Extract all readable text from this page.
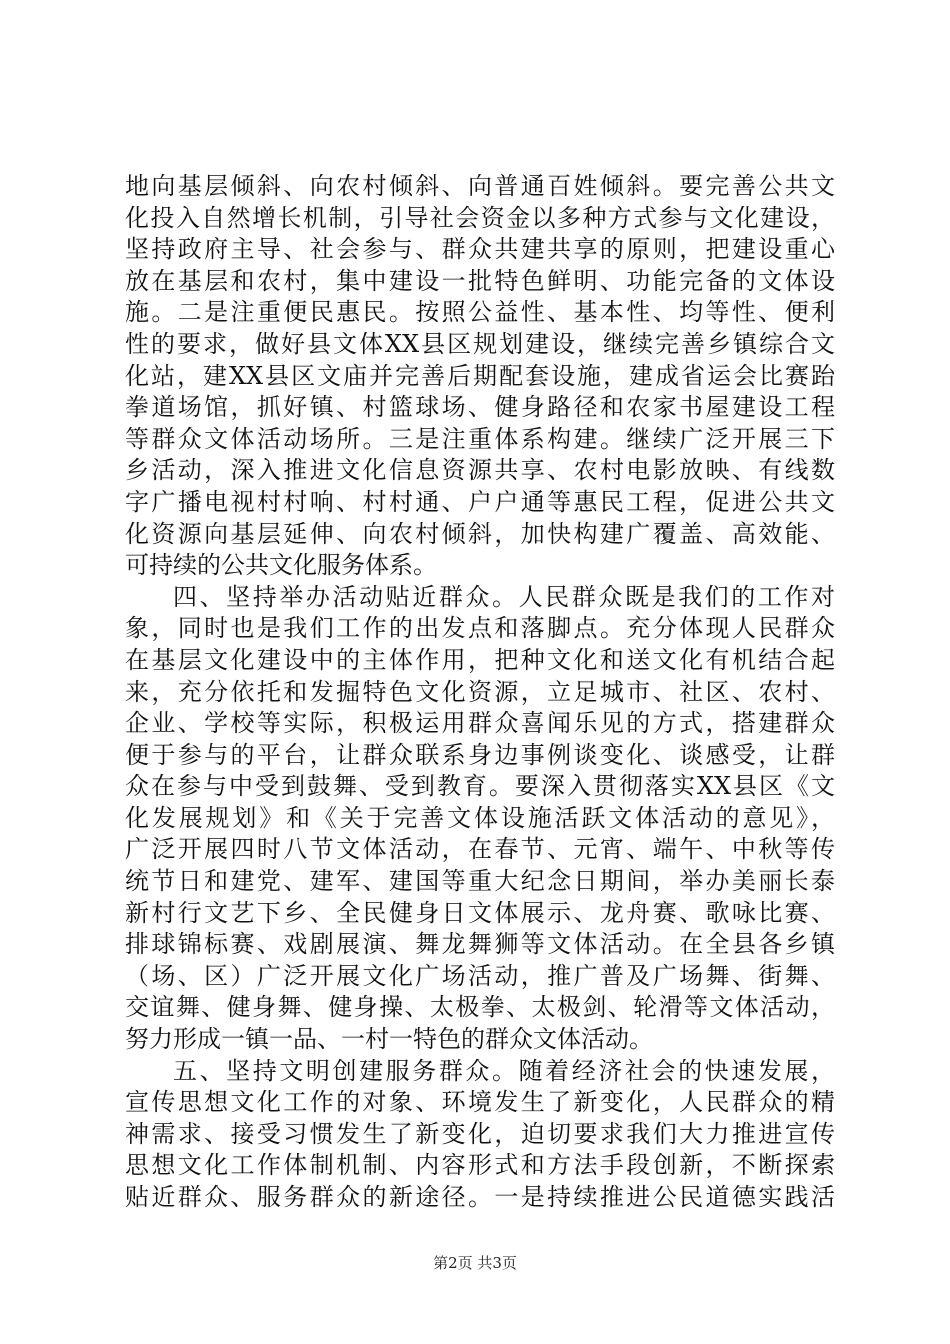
地向基层倾斜、向农村倾斜、向普通百姓倾斜。要完善公共文
化投入自然增长机制，引导社会资金以多种方式参与文化建设，
坚持政府主导、社会参与、群众共建共享的原则，把建设重心
放在基层和农村，集中建设一批特色鲜明、功能完备的文体设
施。二是注重便民惠民。按照公益性、基本性、均等性、便利
性的要求，做好县文体XX县区规划建设，继续完善乡镇综合文
化站，建XX县区文庙并完善后期配套设施，建成省运会比赛跆
拳道场馆，抓好镇、村篮球场、健身路径和农家书屋建设工程
等群众文体活动场所。三是注重体系构建。继续广泛开展三下
乡活动，深入推进文化信息资源共享、农村电影放映、有线数
字广播电视村村响、村村通、户户通等惠民工程，促进公共文
化资源向基层延伸、向农村倾斜，加快构建广覆盖、高效能、
可持续的公共文化服务体系。
四、坚持举办活动贴近群众。人民群众既是我们的工作对
象，同时也是我们工作的出发点和落脚点。充分体现人民群众
在基层文化建设中的主体作用，把种文化和送文化有机结合起
来，充分依托和发掘特色文化资源，立足城市、社区、农村、
企业、学校等实际，积极运用群众喜闻乐见的方式，搭建群众
便于参与的平台，让群众联系身边事例谈变化、谈感受，让群
众在参与中受到鼓舞、受到教育。要深入贯彻落实XX县区《文
化发展规划》和《关于完善文体设施活跃文体活动的意见》，
广泛开展四时八节文体活动，在春节、元宵、端午、中秋等传
统节日和建党、建军、建国等重大纪念日期间，举办美丽长泰
新村行文艺下乡、全民健身日文体展示、龙舟赛、歌咏比赛、
排球锦标赛、戏剧展演、舞龙舞狮等文体活动。在全县各乡镇
（场、区）广泛开展文化广场活动，推广普及广场舞、街舞、
交谊舞、健身舞、健身操、太极拳、太极剑、轮滑等文体活动，
努力形成一镇一品、一村一特色的群众文体活动。
五、坚持文明创建服务群众。随着经济社会的快速发展，
宣传思想文化工作的对象、环境发生了新变化，人民群众的精
神需求、接受习惯发生了新变化，迫切要求我们大力推进宣传
思想文化工作体制机制、内容形式和方法手段创新，不断探索
贴近群众、服务群众的新途径。一是持续推进公民道德实践活
第2页 共3页
